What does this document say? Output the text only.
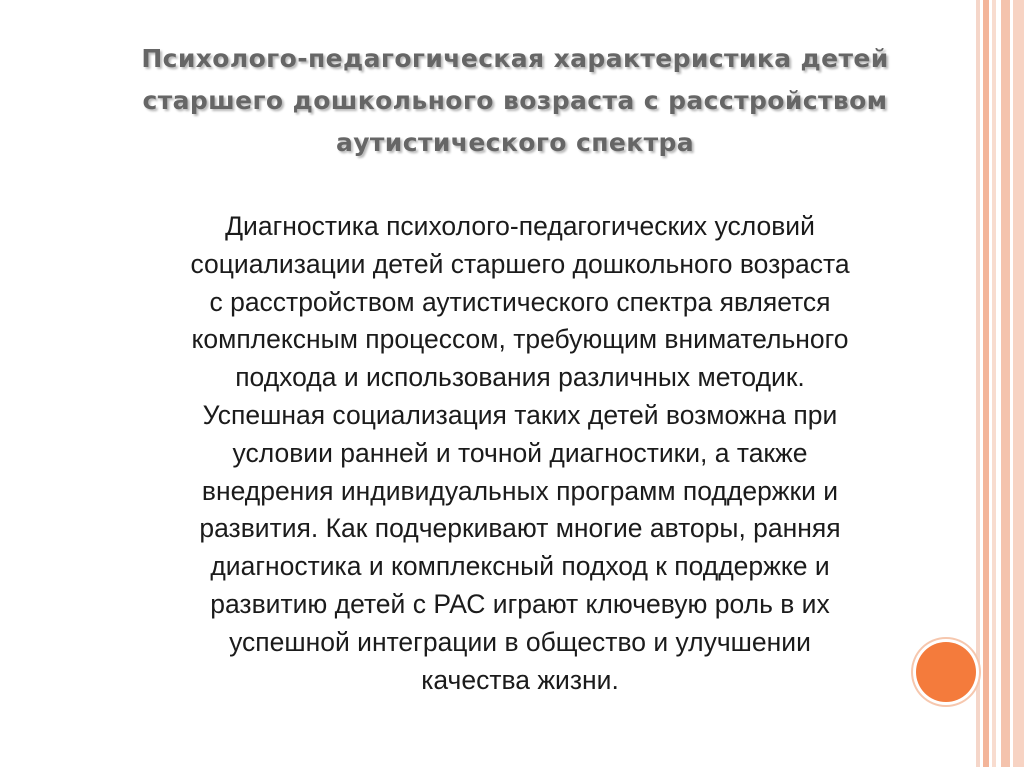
Психолого-педагогическая характеристика детей
старшего дошкольного возраста с расстройством
аутистического спектра

Диагностика психолого-педагогических условий
социализации детей старшего дошкольного возраста
с расстройством аутистического спектра является
комплексным процессом, требующим внимательного
подхода и использования различных методик.
Успешная социализация таких детей возможна при
условии ранней и точной диагностики, а также
внедрения индивидуальных программ поддержки и
развития. Как подчеркивают многие авторы, ранняя
диагностика и комплексный подход к поддержке и
развитию детей с РАС играют ключевую роль в их
успешной интеграции в общество и улучшении
качества жизни.
